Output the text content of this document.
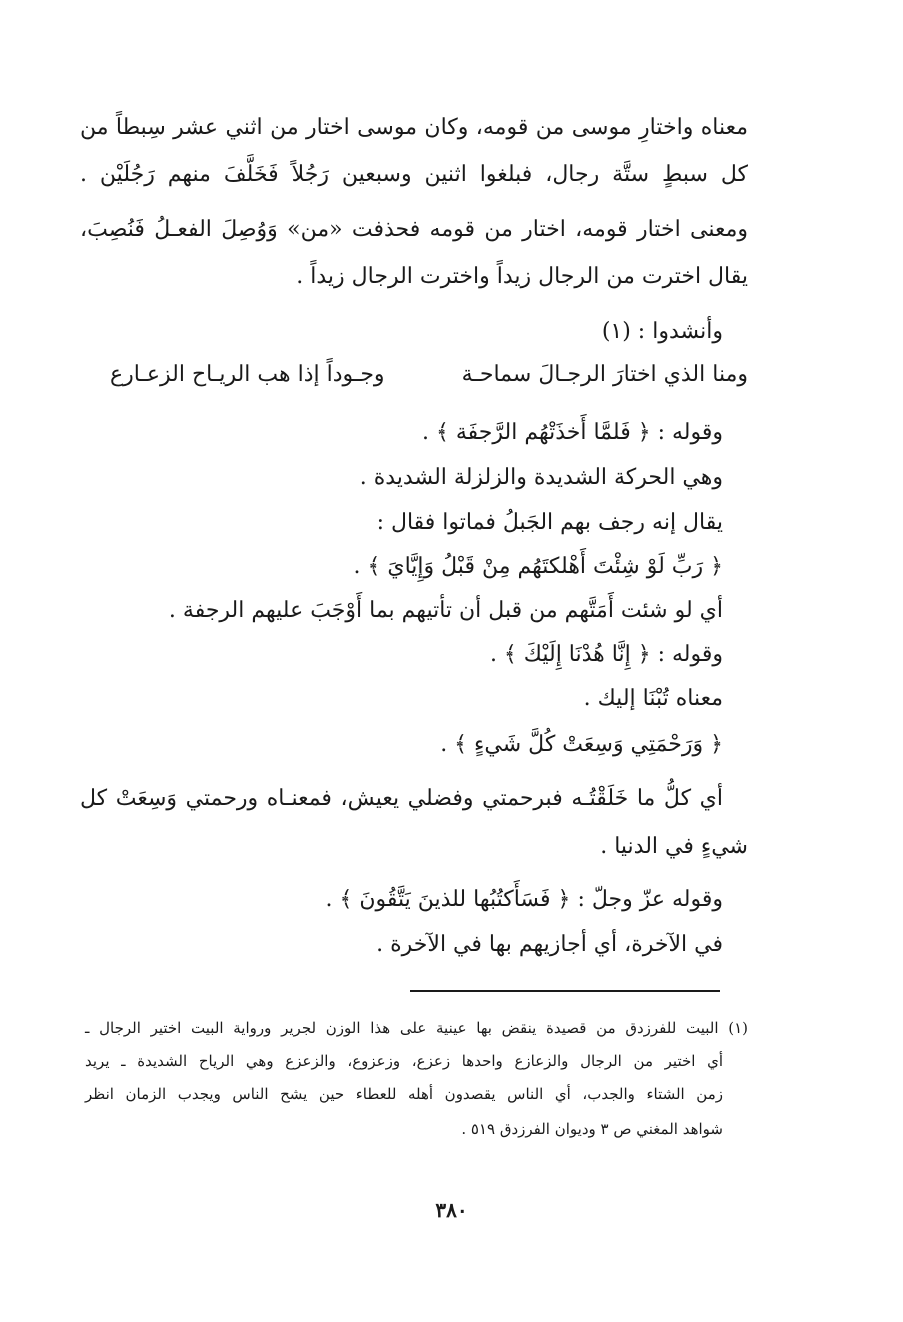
معناه واختارِ موسى من قومه، وكان موسى اختار من اثني عشر سِبطاً من
كل سبطٍ ستَّة رجال، فبلغوا اثنين وسبعين رَجُلاً فَخَلَّفَ منهم رَجُلَيْن .
ومعنى اختار قومه، اختار من قومه فحذفت «من» وَوُصِلَ الفعـلُ فَنُصِبَ،
يقال اخترت من الرجال زيداً واخترت الرجال زيداً .
وأنشدوا : (١)
ومنا الذي اختارَ الرجـالَ سماحـة
وجـوداً إذا هب الريـاح الزعـارع
وقوله : ﴿ فَلمَّا أَخذَتْهُم الرَّجفَة ﴾ .
وهي الحركة الشديدة والزلزلة الشديدة .
يقال إنه رجف بهم الجَبلُ فماتوا فقال :
﴿ رَبِّ لَوْ شِئْتَ أَهْلكتَهُم مِنْ قَبْلُ وَإِيَّايَ ﴾ .
أي لو شئت أَمَتَّهم من قبل أن تأتيهم بما أَوْجَبَ عليهم الرجفة .
وقوله : ﴿ إِنَّا هُدْنَا إِلَيْكَ ﴾ .
معناه تُبْنَا إليك .
﴿ وَرَحْمَتِي وَسِعَتْ كُلَّ شَيءٍ ﴾ .
أي كلُّ ما خَلَقْتُـه فبرحمتي وفضلي يعيش، فمعنـاه ورحمتي وَسِعَتْ كل
شيءٍ في الدنيا .
وقوله عزّ وجلّ : ﴿ فَسَأَكتُبُها للذينَ يَتَّقُونَ ﴾ .
في الآخرة، أي أجازيهم بها في الآخرة .
(١) البيت للفرزدق من قصيدة ينقض بها عينية على هذا الوزن لجرير ورواية البيت اختير الرجال ـ
أي اختير من الرجال والزعازع واحدها زعزع، وزعزوع، والزعزع وهي الرياح الشديدة ـ يريد
زمن الشتاء والجدب، أي الناس يقصدون أهله للعطاء حين يشح الناس ويجدب الزمان انظر
شواهد المغني ص ٣ وديوان الفرزدق ٥١٩ .
٣٨٠
